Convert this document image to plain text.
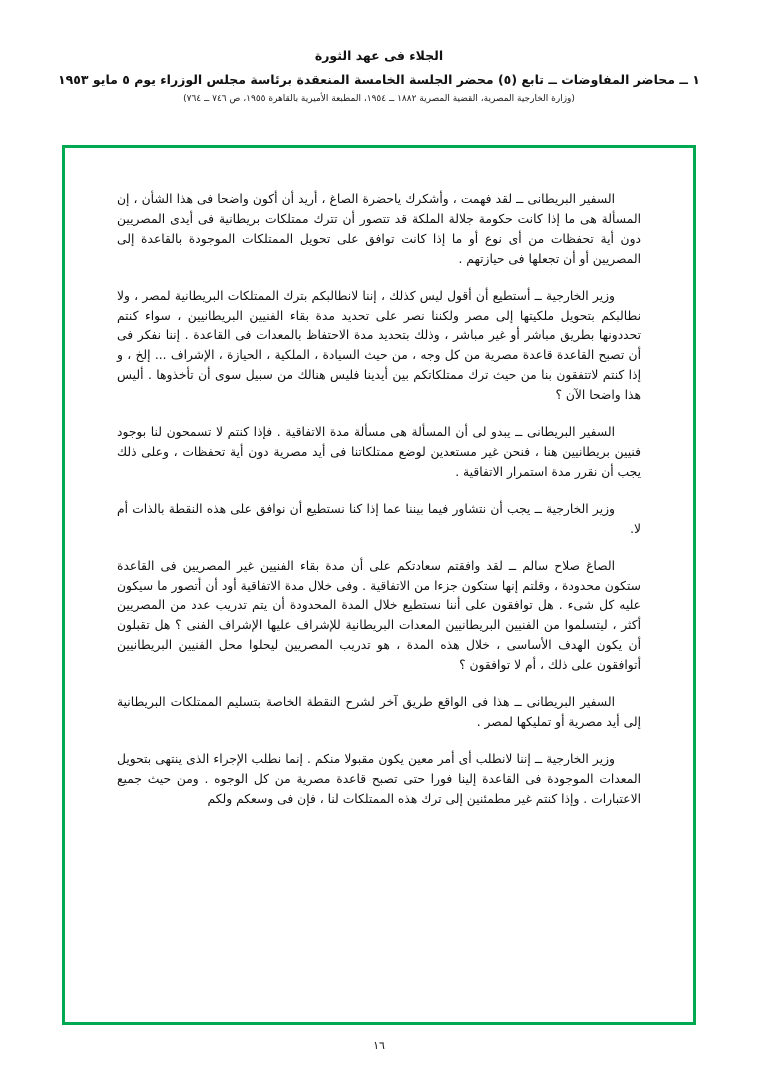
الجلاء فى عهد الثورة
١ ــ محاضر المفاوضات ــ تابع (٥) محضر الجلسة الخامسة المنعقدة برئاسة مجلس الوزراء يوم ٥ مايو ١٩٥٣
(وزارة الخارجية المصرية، القضية المصرية ١٨٨٢ ــ ١٩٥٤، المطبعة الأميرية بالقاهرة ١٩٥٥، ص ٧٤٦ ــ ٧٦٤)

السفير البريطانى ــ لقد فهمت ، وأشكرك ياحضرة الصاغ ، أريد أن أكون واضحا فى هذا الشأن ، إن المسألة هى ما إذا كانت حكومة جلالة الملكة قد تتصور أن تترك ممتلكات بريطانية فى أيدى المصريين دون أية تحفظات من أى نوع أو ما إذا كانت توافق على تحويل الممتلكات الموجودة بالقاعدة إلى المصريين أو أن تجعلها فى حيازتهم .

وزير الخارجية ــ أستطيع أن أقول ليس كذلك ، إننا لانطالبكم بترك الممتلكات البريطانية لمصر ، ولا نطالبكم بتحويل ملكيتها إلى مصر ولكننا نصر على تحديد مدة بقاء الفنيين البريطانيين ، سواء كنتم تحددونها بطريق مباشر أو غير مباشر ، وذلك بتحديد مدة الاحتفاظ بالمعدات فى القاعدة . إننا نفكر فى أن تصبح القاعدة قاعدة مصرية من كل وجه ، من حيث السيادة ، الملكية ، الحيازة ، الإشراف ... إلخ ، و إذا كنتم لاتتفقون بنا من حيث ترك ممتلكاتكم بين أيدينا فليس هنالك من سبيل سوى أن تأخذوها . أليس هذا واضحا الآن ؟

السفير البريطانى ــ يبدو لى أن المسألة هى مسألة مدة الاتفاقية . فإذا كنتم لا تسمحون لنا بوجود فنيين بريطانيين هنا ، فنحن غير مستعدين لوضع ممتلكاتنا فى أيد مصرية دون أية تحفظات ، وعلى ذلك يجب أن نقرر مدة استمرار الاتفاقية .

وزير الخارجية ــ يجب أن نتشاور فيما بيننا عما إذا كنا نستطيع أن نوافق على هذه النقطة بالذات أم لا.

الصاغ صلاح سالم ــ لقد وافقتم سعادتكم على أن مدة بقاء الفنيين غير المصريين فى القاعدة ستكون محدودة ، وقلتم إنها ستكون جزءا من الاتفاقية . وفى خلال مدة الاتفاقية أود أن أتصور ما سيكون عليه كل شىء . هل توافقون على أننا نستطيع خلال المدة المحدودة أن يتم تدريب عدد من المصريين أكثر ، ليتسلموا من الفنيين البريطانيين المعدات البريطانية للإشراف عليها الإشراف الفنى ؟ هل تقبلون أن يكون الهدف الأساسى ، خلال هذه المدة ، هو تدريب المصريين ليحلوا محل الفنيين البريطانيين أتوافقون على ذلك ، أم لا توافقون ؟

السفير البريطانى ــ هذا فى الواقع طريق آخر لشرح النقطة الخاصة بتسليم الممتلكات البريطانية إلى أيد مصرية أو تمليكها لمصر .

وزير الخارجية ــ إننا لانطلب أى أمر معين يكون مقبولا منكم . إنما نطلب الإجراء الذى ينتهى بتحويل المعدات الموجودة فى القاعدة إلينا فورا حتى تصبح قاعدة مصرية من كل الوجوه . ومن حيث جميع الاعتبارات . وإذا كنتم غير مطمئنين إلى ترك هذه الممتلكات لنا ، فإن فى وسعكم ولكم

١٦
